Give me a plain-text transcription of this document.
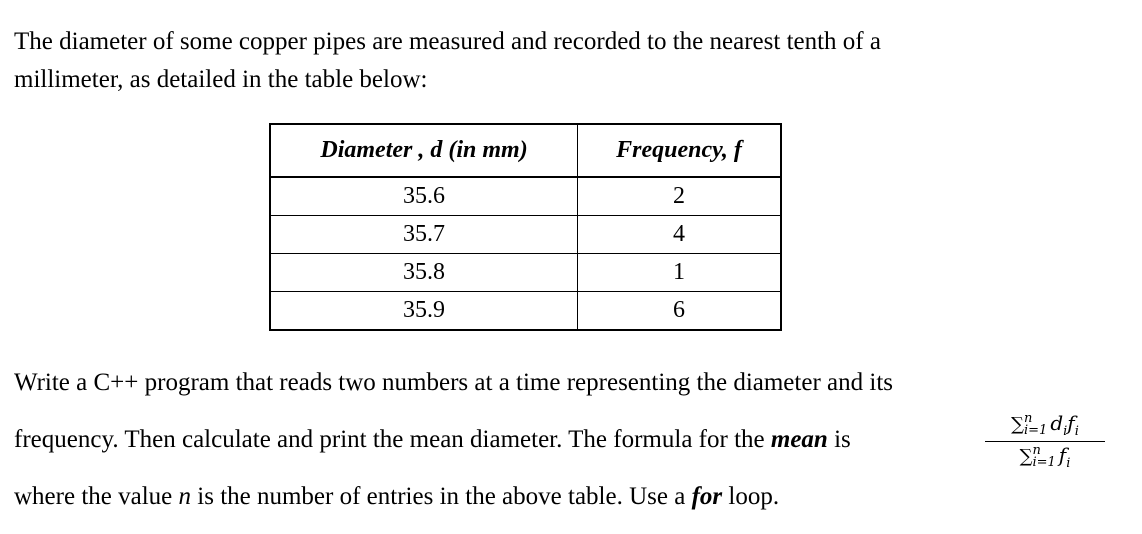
The diameter of some copper pipes are measured and recorded to the nearest tenth of a
millimeter, as detailed in the table below:
Diameter , d (in mm)	Frequency, f
35.6	2
35.7	4
35.8	1
35.9	6
Write a C++ program that reads two numbers at a time representing the diameter and its
frequency. Then calculate and print the mean diameter. The formula for the mean is
where the value n is the number of entries in the above table. Use a for loop.
∑ n
i=1 $d_if_i$
∑ n
i=1 $f_i$
